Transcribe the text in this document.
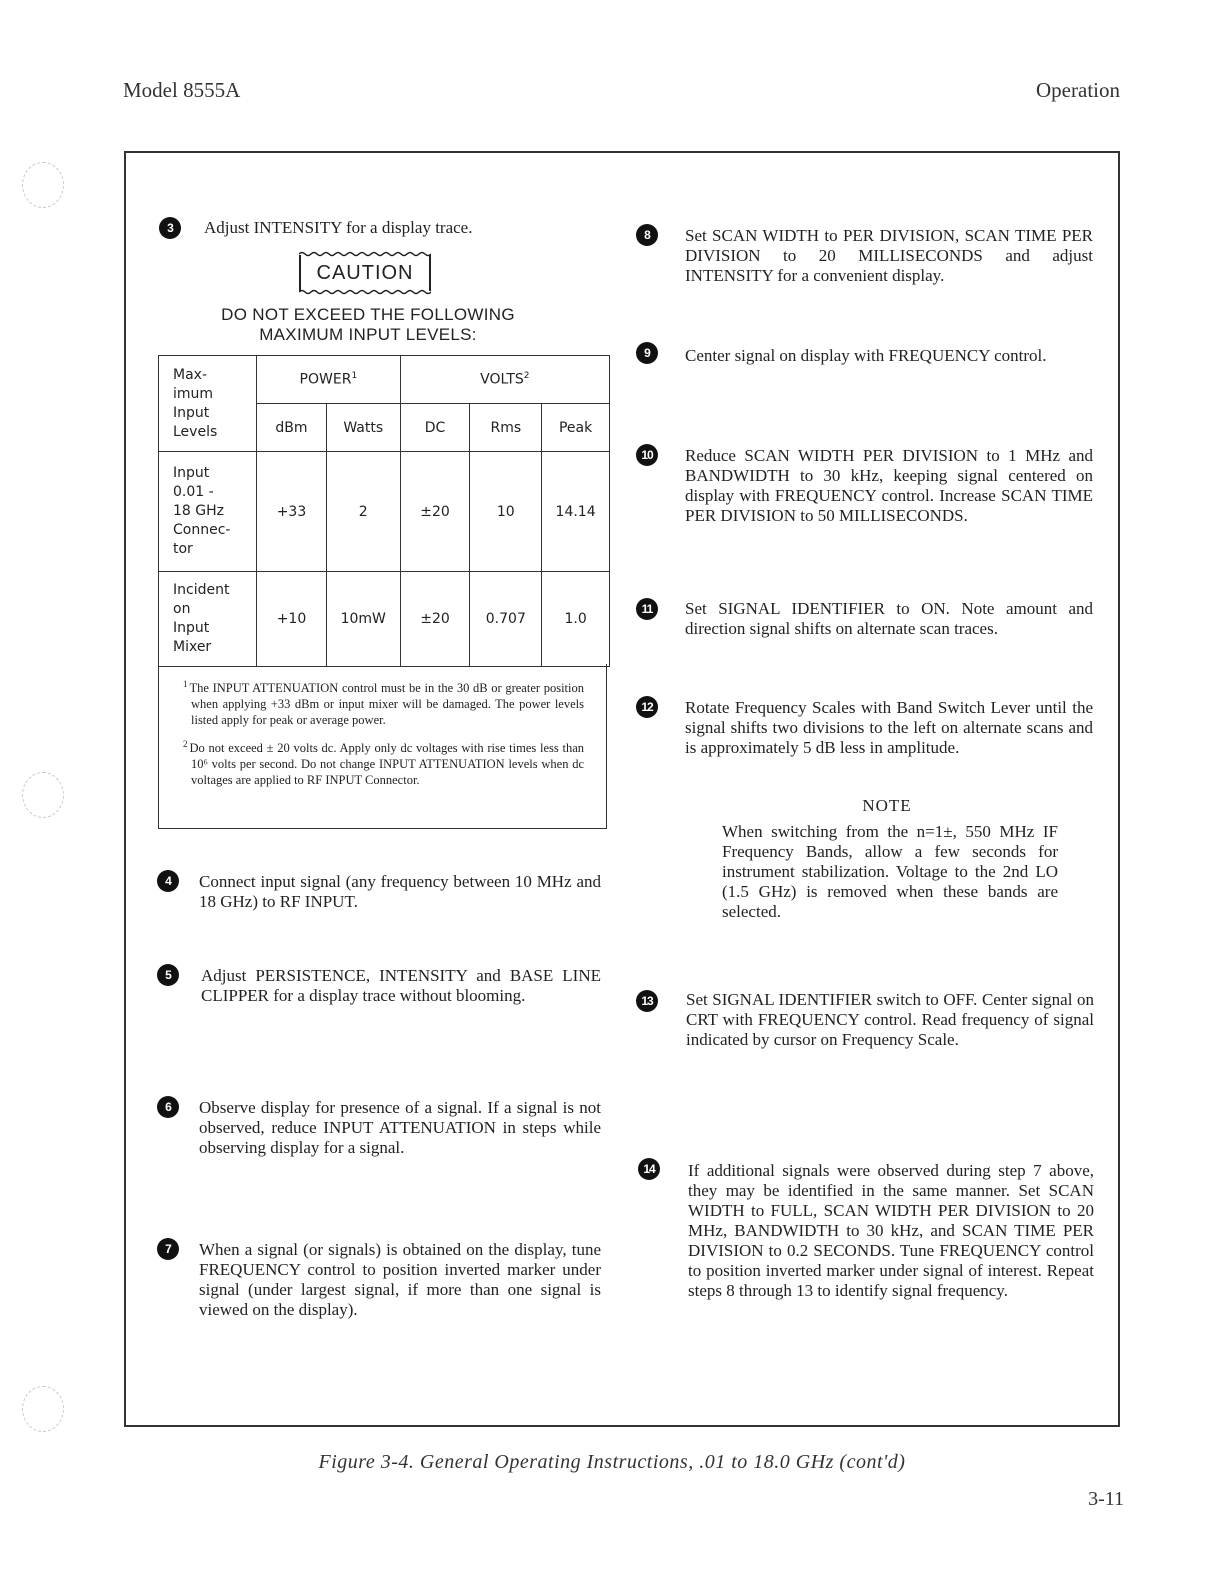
Model 8555A	Operation
3	Adjust INTENSITY for a display trace.
CAUTION
DO NOT EXCEED THE FOLLOWING
MAXIMUM INPUT LEVELS:
Max-
imum
Input
Levels	POWER$^1$		VOLTS$^2$
	dBm	Watts	DC	Rms	Peak

Input
0.01 -
18 GHz
Connec-
tor	+33	2	±20	10	14.14

Incident
on
Input
Mixer	+10	10mW	±20	0.707	1.0

$^1$ The INPUT ATTENUATION control must be in the 30 dB or greater position when applying +33 dBm or input mixer will be damaged. The power levels listed apply for peak or average power.

$^2$ Do not exceed ± 20 volts dc. Apply only dc voltages with rise times less than 10⁶ volts per second. Do not change INPUT ATTENUATION levels when dc voltages are applied to RF INPUT Connector.

4	Connect input signal (any frequency between 10 MHz and 18 GHz) to RF INPUT.
5	Adjust PERSISTENCE, INTENSITY and BASE LINE CLIPPER for a display trace without blooming.
6	Observe display for presence of a signal. If a signal is not observed, reduce INPUT ATTENUATION in steps while observing display for a signal.
7	When a signal (or signals) is obtained on the display, tune FREQUENCY control to position inverted marker under signal (under largest signal, if more than one signal is viewed on the display).
8	Set SCAN WIDTH to PER DIVISION, SCAN TIME PER DIVISION to 20 MILLISECONDS and adjust INTENSITY for a convenient display.
9	Center signal on display with FREQUENCY control.
10	Reduce SCAN WIDTH PER DIVISION to 1 MHz and BANDWIDTH to 30 kHz, keeping signal centered on display with FREQUENCY control. Increase SCAN TIME PER DIVISION to 50 MILLISECONDS.
11	Set SIGNAL IDENTIFIER to ON. Note amount and direction signal shifts on alternate scan traces.
12	Rotate Frequency Scales with Band Switch Lever until the signal shifts two divisions to the left on alternate scans and is approximately 5 dB less in amplitude.
NOTE
When switching from the n=1±, 550 MHz IF Frequency Bands, allow a few seconds for instrument stabilization. Voltage to the 2nd LO (1.5 GHz) is removed when these bands are selected.
13	Set SIGNAL IDENTIFIER switch to OFF. Center signal on CRT with FREQUENCY control. Read frequency of signal indicated by cursor on Frequency Scale.
14	If additional signals were observed during step 7 above, they may be identified in the same manner. Set SCAN WIDTH to FULL, SCAN WIDTH PER DIVISION to 20 MHz, BANDWIDTH to 30 kHz, and SCAN TIME PER DIVISION to 0.2 SECONDS. Tune FREQUENCY control to position inverted marker under signal of interest. Repeat steps 8 through 13 to identify signal frequency.
Figure 3-4. General Operating Instructions, .01 to 18.0 GHz (cont'd)
3-11
